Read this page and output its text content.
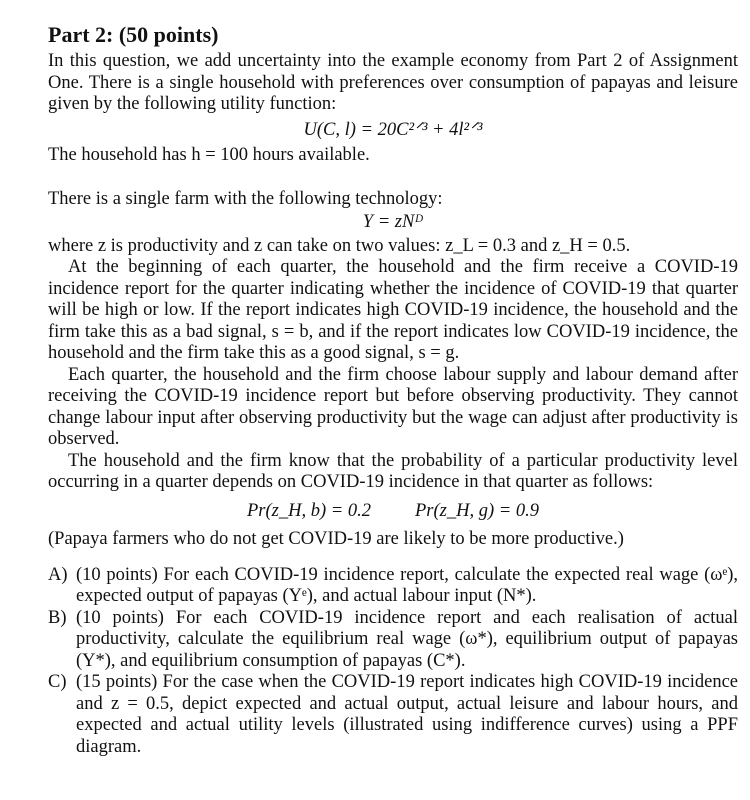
Part 2: (50 points)

In this question, we add uncertainty into the example economy from Part 2 of Assignment One. There is a single household with preferences over consumption of papayas and leisure given by the following utility function:

U(C, l) = 20C²ᐟ³ + 4l²ᐟ³

The household has h = 100 hours available.

There is a single farm with the following technology:

Y = zNᴰ

where z is productivity and z can take on two values: z_L = 0.3 and z_H = 0.5.

At the beginning of each quarter, the household and the firm receive a COVID-19 incidence report for the quarter indicating whether the incidence of COVID-19 that quarter will be high or low. If the report indicates high COVID-19 incidence, the household and the firm take this as a bad signal, s = b, and if the report indicates low COVID-19 incidence, the household and the firm take this as a good signal, s = g.

Each quarter, the household and the firm choose labour supply and labour demand after receiving the COVID-19 incidence report but before observing productivity. They cannot change labour input after observing productivity but the wage can adjust after productivity is observed.

The household and the firm know that the probability of a particular productivity level occurring in a quarter depends on COVID-19 incidence in that quarter as follows:

Pr(z_H, b) = 0.2 Pr(z_H, g) = 0.9

(Papaya farmers who do not get COVID-19 are likely to be more productive.)

A) (10 points) For each COVID-19 incidence report, calculate the expected real wage (ωᵉ), expected output of papayas (Yᵉ), and actual labour input (N*).
B) (10 points) For each COVID-19 incidence report and each realisation of actual productivity, calculate the equilibrium real wage (ω*), equilibrium output of papayas (Y*), and equilibrium consumption of papayas (C*).
C) (15 points) For the case when the COVID-19 report indicates high COVID-19 incidence and z = 0.5, depict expected and actual output, actual leisure and labour hours, and expected and actual utility levels (illustrated using indifference curves) using a PPF diagram.
